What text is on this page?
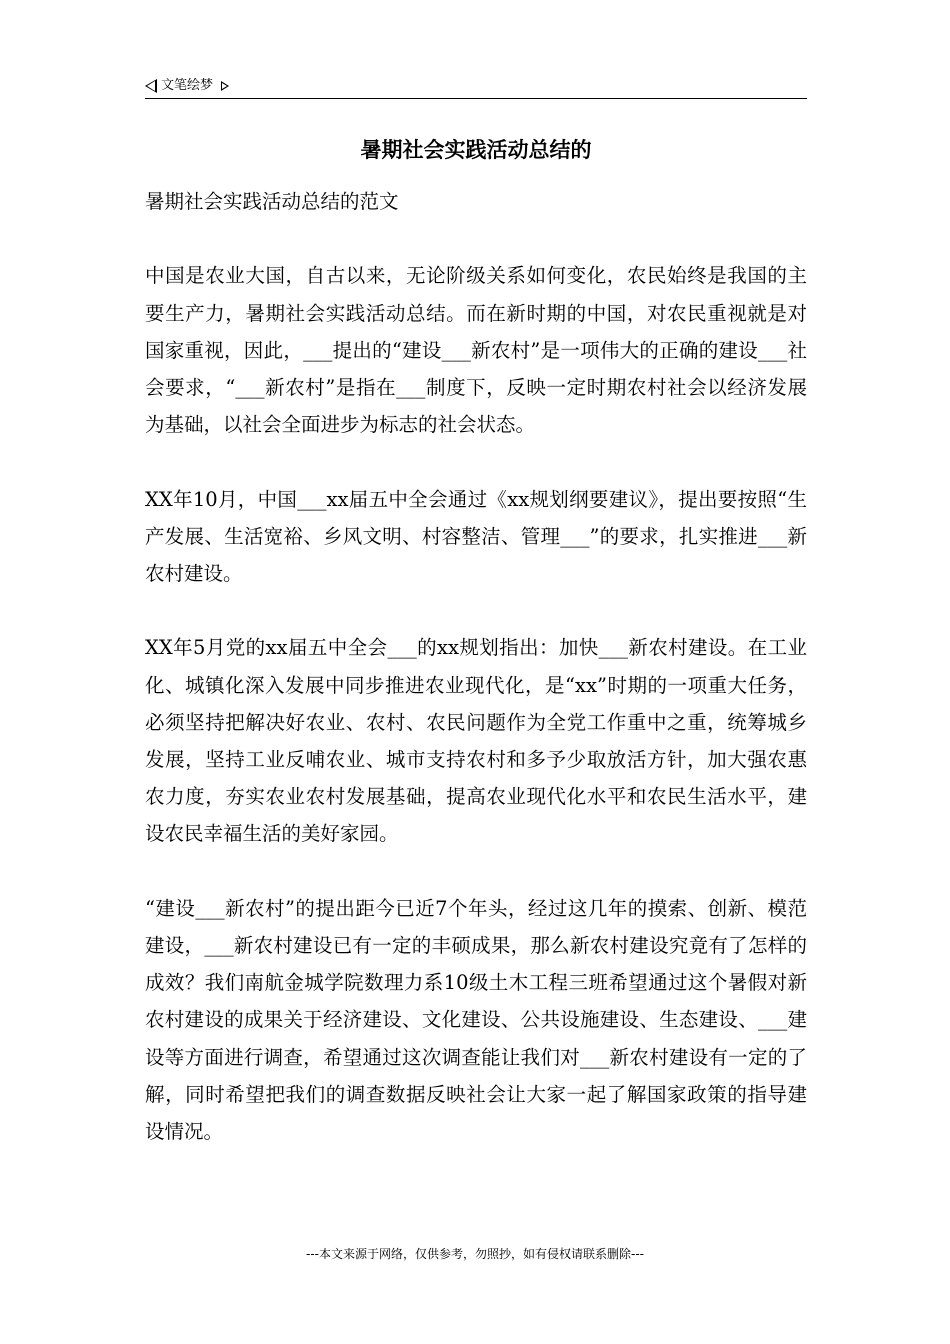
文笔绘梦
暑期社会实践活动总结的

暑期社会实践活动总结的范文

中国是农业大国，自古以来，无论阶级关系如何变化，农民始终是我国的主要生产力，暑期社会实践活动总结。而在新时期的中国，对农民重视就是对国家重视，因此，___提出的“建设___新农村”是一项伟大的正确的建设___社会要求，“___新农村”是指在___制度下，反映一定时期农村社会以经济发展为基础，以社会全面进步为标志的社会状态。

XX年10月，中国___xx届五中全会通过《xx规划纲要建议》，提出要按照“生产发展、生活宽裕、乡风文明、村容整洁、管理___”的要求，扎实推进___新农村建设。

XX年5月党的xx届五中全会___的xx规划指出：加快___新农村建设。在工业化、城镇化深入发展中同步推进农业现代化，是“xx”时期的一项重大任务，必须坚持把解决好农业、农村、农民问题作为全党工作重中之重，统筹城乡发展，坚持工业反哺农业、城市支持农村和多予少取放活方针，加大强农惠农力度，夯实农业农村发展基础，提高农业现代化水平和农民生活水平，建设农民幸福生活的美好家园。

“建设___新农村”的提出距今已近7个年头，经过这几年的摸索、创新、模范建设，___新农村建设已有一定的丰硕成果，那么新农村建设究竟有了怎样的成效？我们南航金城学院数理力系10级土木工程三班希望通过这个暑假对新农村建设的成果关于经济建设、文化建设、公共设施建设、生态建设、___建设等方面进行调查，希望通过这次调查能让我们对___新农村建设有一定的了解，同时希望把我们的调查数据反映社会让大家一起了解国家政策的指导建设情况。

---本文来源于网络，仅供参考，勿照抄，如有侵权请联系删除---
